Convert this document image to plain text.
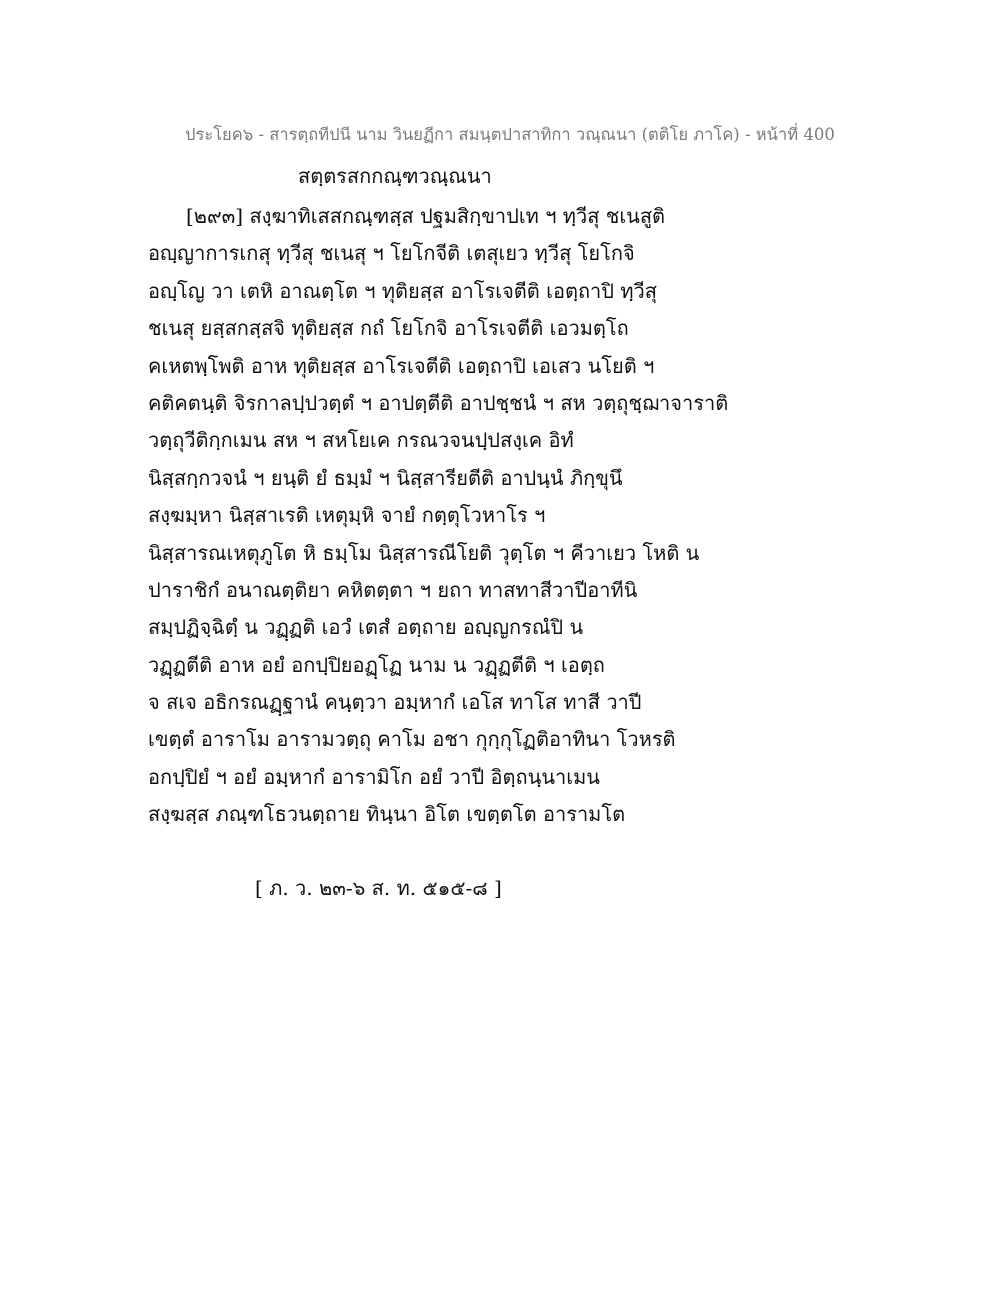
ประโยค๖ - สารตฺถทีปนี นาม วินยฏีกา สมนฺตปาสาทิกา วณฺณนา (ตติโย ภาโค) - หน้าที่ 400
สตฺตรสกกณฺฑวณฺณนา
[๒๙๓] สงฺฆาทิเสสกณฺฑสฺส ปฐมสิกฺขาปเท ฯ ทฺวีสุ ชเนสูติ
อญฺญาการเกสุ ทฺวีสุ ชเนสุ ฯ โยโกจีติ เตสุเยว ทฺวีสุ โยโกจิ
อญฺโญ วา เตหิ อาณตฺโต ฯ ทุติยสฺส อาโรเจตีติ เอตฺถาปิ ทฺวีสุ
ชเนสุ ยสฺสกสฺสจิ ทุติยสฺส กถํ โยโกจิ อาโรเจตีติ เอวมตฺโถ
คเหตพฺโพติ อาห ทุติยสฺส อาโรเจตีติ เอตฺถาปิ เอเสว นโยติ ฯ
คติคตนฺติ จิรกาลปฺปวตฺตํ ฯ อาปตฺตีติ อาปชฺชนํ ฯ สห วตฺถุชฺฌาจาราติ
วตฺถุวีติกฺกเมน สห ฯ สหโยเค กรณวจนปฺปสงฺเค อิทํ
นิสฺสกฺกวจนํ ฯ ยนฺติ ยํ ธมฺมํ ฯ นิสฺสารียตีติ อาปนฺนํ ภิกฺขุนึ
สงฺฆมฺหา นิสฺสาเรติ เหตุมฺหิ จายํ กตฺตุโวหาโร ฯ
นิสฺสารณเหตุภูโต หิ ธมฺโม นิสฺสารณีโยติ วุตฺโต ฯ คีวาเยว โหติ น
ปาราชิกํ อนาณตฺติยา คหิตตฺตา ฯ ยถา ทาสทาสีวาปีอาทีนิ
สมฺปฏิจฺฉิตฺํ น วฏฺฏติ เอวํ เตสํ อตฺถาย อญฺญกรณํปิ น
วฏฺฏตีติ อาห อยํ อกปฺปิยอฏฺโฏ นาม น วฏฺฏตีติ ฯ เอตฺถ
จ สเจ อธิกรณฏฺฐานํ คนฺตฺวา อมฺหากํ เอโส ทาโส ทาสี วาปี
เขตฺตํ อาราโม อารามวตฺถุ คาโม อชา กุกฺกุโฏติอาทินา โวหรติ
อกปฺปิยํ ฯ อยํ อมฺหากํ อารามิโก อยํ วาปี อิตฺถนฺนาเมน
สงฺฆสฺส ภณฺฑโธวนตฺถาย ทินฺนา อิโต เขตฺตโต อารามโต
[ ภ. ว. ๒๓-๖ ส. ท. ๕๑๕-๘ ]
